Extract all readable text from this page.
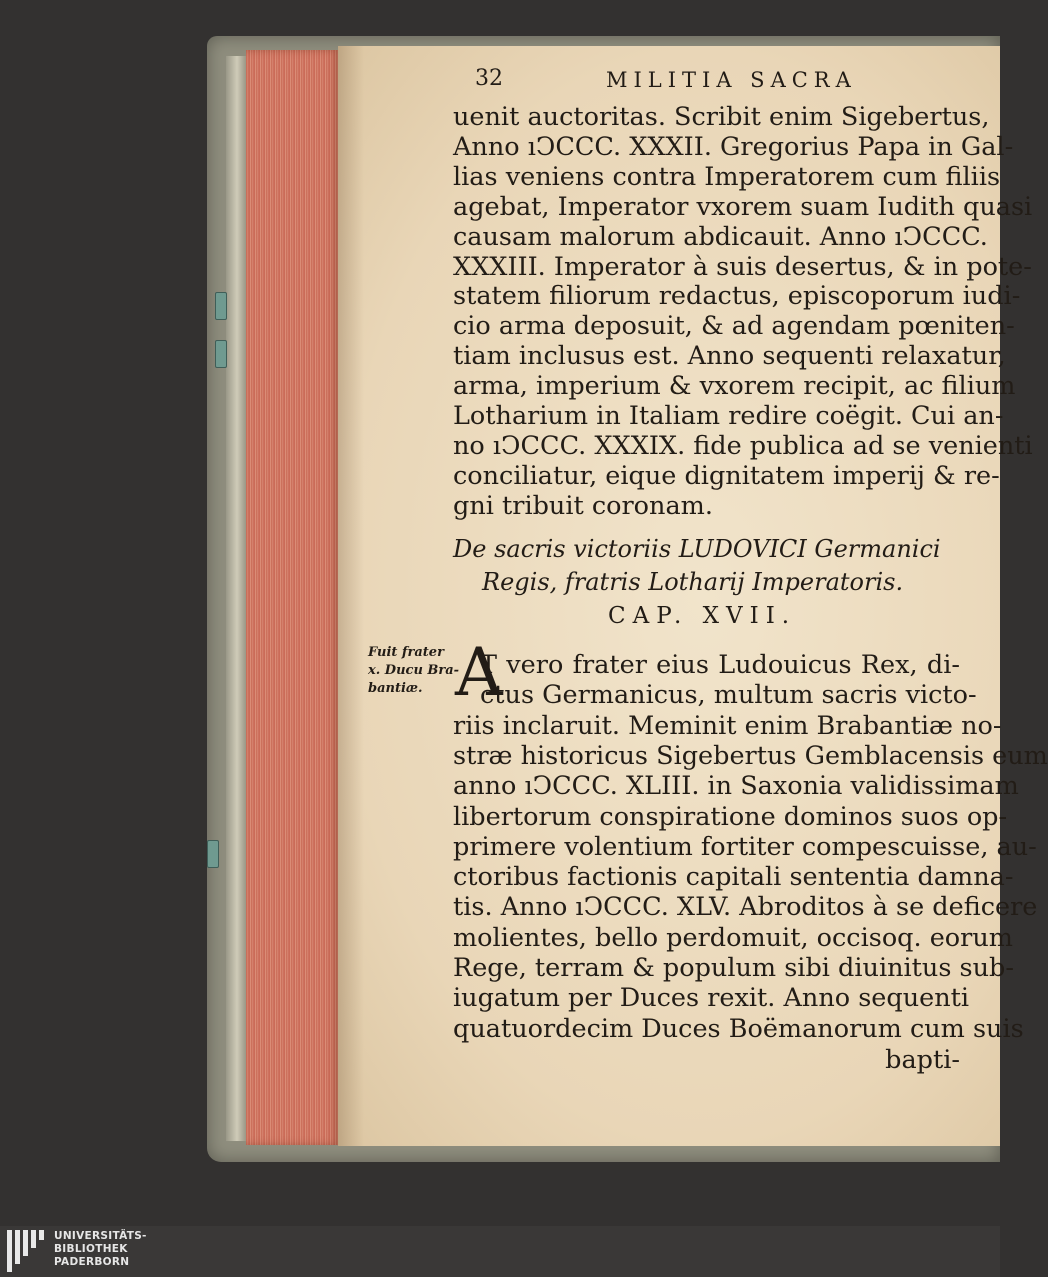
32	MILITIA SACRA
uenit auctoritas. Scribit enim Sigebertus,
Anno ıↃCCC. XXXII. Gregorius Papa in Gal-
lias veniens contra Imperatorem cum filiis
agebat, Imperator vxorem suam Iudith quasi
causam malorum abdicauit. Anno ıↃCCC.
XXXIII. Imperator à suis desertus, & in pote-
statem filiorum redactus, episcoporum iudi-
cio arma deposuit, & ad agendam pœniten-
tiam inclusus est. Anno sequenti relaxatur,
arma, imperium & vxorem recipit, ac filium
Lotharium in Italiam redire coëgit. Cui an-
no ıↃCCC. XXXIX. fide publica ad se venienti
conciliatur, eique dignitatem imperij & re-
gni tribuit coronam.
De sacris victoriis LUDOVICI Germanici
Regis, fratris Lotharij Imperatoris.
CAP. XVII.
A
Fuit frater
x. Ducu Bra-
bantiæ.
T vero frater eius Ludouicus Rex, di-
ctus Germanicus, multum sacris victo-
riis inclaruit. Meminit enim Brabantiæ no-
stræ historicus Sigebertus Gemblacensis eum
anno ıↃCCC. XLIII. in Saxonia validissimam
libertorum conspiratione dominos suos op-
primere volentium fortiter compescuisse, au-
ctoribus factionis capitali sententia damna-
tis. Anno ıↃCCC. XLV. Abroditos à se deficere
molientes, bello perdomuit, occisoq. eorum
Rege, terram & populum sibi diuinitus sub-
iugatum per Duces rexit. Anno sequenti
quatuordecim Duces Boëmanorum cum suis
bapti-
UNIVERSITÄTS-
BIBLIOTHEK
PADERBORN
